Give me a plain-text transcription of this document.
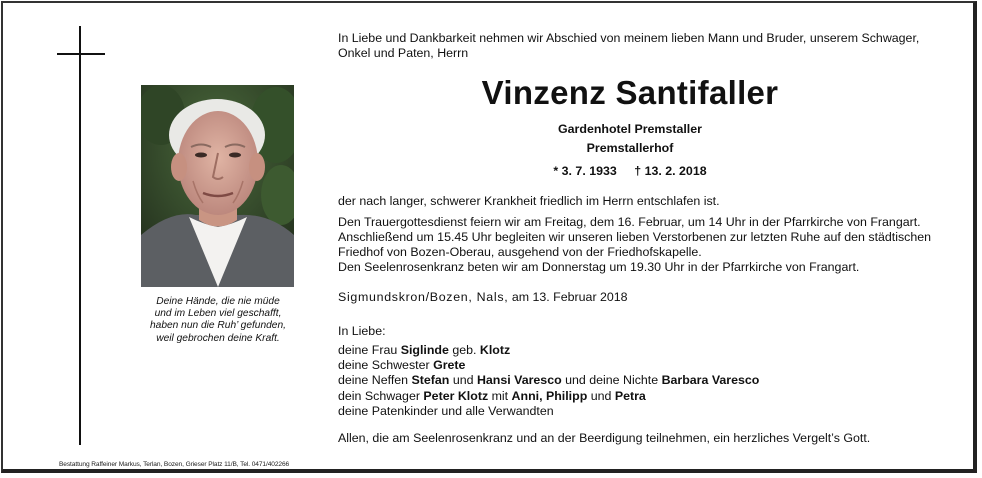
Deine Hände, die nie müde
und im Leben viel geschafft,
haben nun die Ruh’ gefunden,
weil gebrochen deine Kraft.
Bestattung Raffeiner Markus, Terlan, Bozen, Grieser Platz 11/B, Tel. 0471/402266
In Liebe und Dankbarkeit nehmen wir Abschied von meinem lieben Mann und Bruder, unserem Schwager,
Onkel und Paten, Herrn
Vinzenz Santifaller
Gardenhotel Premstaller
Premstallerhof
* 3. 7. 1933 † 13. 2. 2018
der nach langer, schwerer Krankheit friedlich im Herrn entschlafen ist.
Den Trauergottesdienst feiern wir am Freitag, dem 16. Februar, um 14 Uhr in der Pfarrkirche von Frangart.
Anschließend um 15.45 Uhr begleiten wir unseren lieben Verstorbenen zur letzten Ruhe auf den städtischen
Friedhof von Bozen-Oberau, ausgehend von der Friedhofskapelle.
Den Seelenrosenkranz beten wir am Donnerstag um 19.30 Uhr in der Pfarrkirche von Frangart.
Sigmundskron/Bozen, Nals, am 13. Februar 2018
In Liebe:
deine Frau Siglinde geb. Klotz
deine Schwester Grete
deine Neffen Stefan und Hansi Varesco und deine Nichte Barbara Varesco
dein Schwager Peter Klotz mit Anni, Philipp und Petra
deine Patenkinder und alle Verwandten
Allen, die am Seelenrosenkranz und an der Beerdigung teilnehmen, ein herzliches Vergelt’s Gott.
